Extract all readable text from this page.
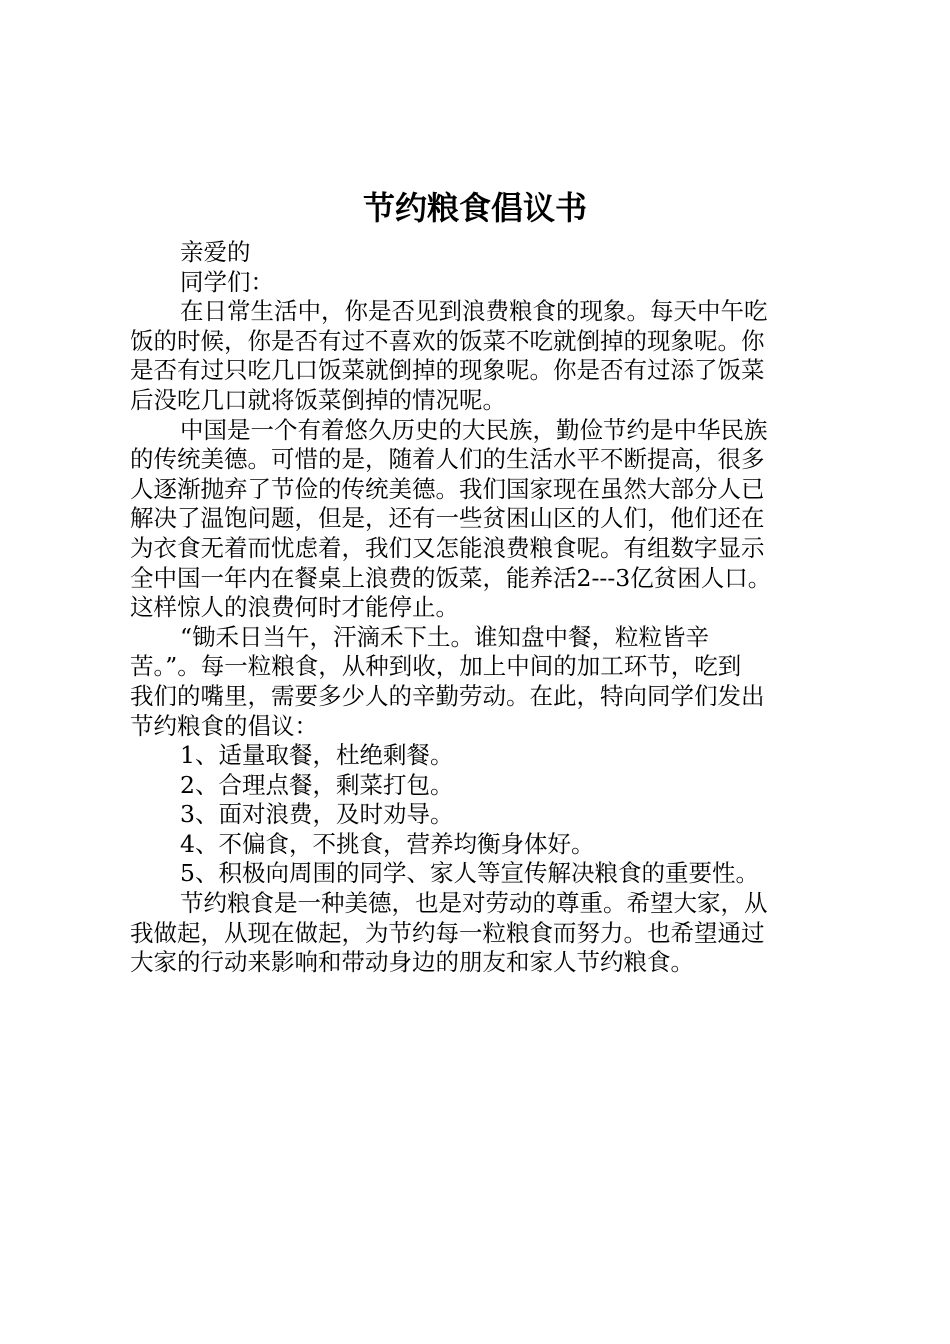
节约粮食倡议书

亲爱的

同学们：

在日常生活中，你是否见到浪费粮食的现象。每天中午吃

饭的时候，你是否有过不喜欢的饭菜不吃就倒掉的现象呢。你

是否有过只吃几口饭菜就倒掉的现象呢。你是否有过添了饭菜

后没吃几口就将饭菜倒掉的情况呢。

中国是一个有着悠久历史的大民族，勤俭节约是中华民族

的传统美德。可惜的是，随着人们的生活水平不断提高，很多

人逐渐抛弃了节俭的传统美德。我们国家现在虽然大部分人已

解决了温饱问题，但是，还有一些贫困山区的人们，他们还在

为衣食无着而忧虑着，我们又怎能浪费粮食呢。有组数字显示

全中国一年内在餐桌上浪费的饭菜，能养活2---3亿贫困人口。

这样惊人的浪费何时才能停止。

“锄禾日当午，汗滴禾下土。谁知盘中餐，粒粒皆辛

苦。”。每一粒粮食，从种到收，加上中间的加工环节，吃到

我们的嘴里，需要多少人的辛勤劳动。在此，特向同学们发出

节约粮食的倡议：

1、适量取餐，杜绝剩餐。

2、合理点餐，剩菜打包。

3、面对浪费，及时劝导。

4、不偏食，不挑食，营养均衡身体好。

5、积极向周围的同学、家人等宣传解决粮食的重要性。

节约粮食是一种美德，也是对劳动的尊重。希望大家，从

我做起，从现在做起，为节约每一粒粮食而努力。也希望通过

大家的行动来影响和带动身边的朋友和家人节约粮食。
